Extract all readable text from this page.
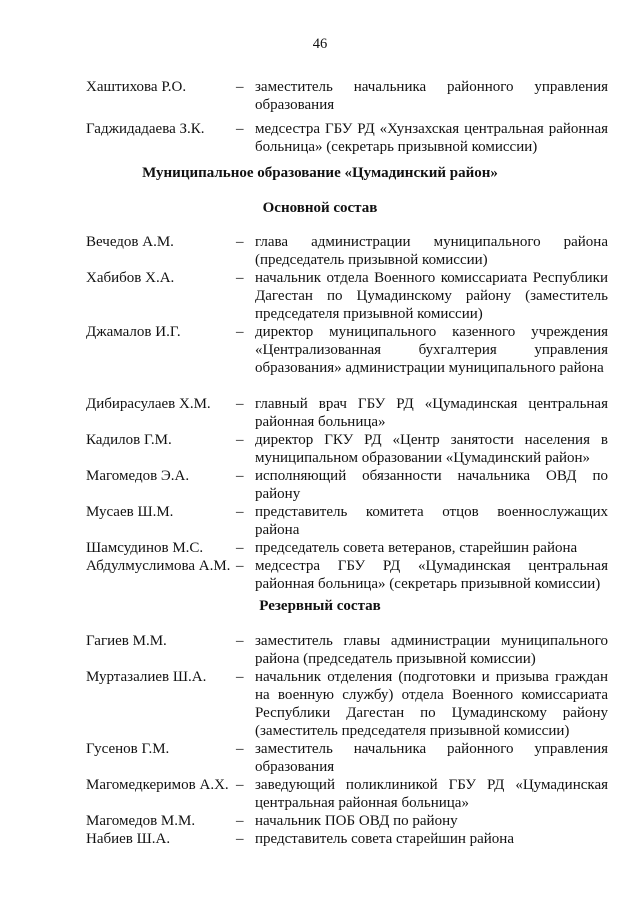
46
Хаштихова Р.О.	– заместитель начальника районного управления образования
Гаджидадаева З.К. – медсестра ГБУ РД «Хунзахская центральная районная больница» (секретарь призывной комиссии)
Муниципальное образование «Цумадинский район»
Основной состав
Вечедов А.М.	– глава администрации муниципального района (председатель призывной комиссии)
Хабибов Х.А.	– начальник отдела Военного комиссариата Республики Дагестан по Цумадинскому району (заместитель председателя призывной комиссии)
Джамалов И.Г.	– директор муниципального казенного учреждения «Централизованная бухгалтерия управления образования» администрации муниципального района
Дибирасулаев Х.М. – главный врач ГБУ РД «Цумадинская центральная районная больница»
Кадилов Г.М.	– директор ГКУ РД «Центр занятости населения в муниципальном образовании «Цумадинский район»
Магомедов Э.А.	– исполняющий обязанности начальника ОВД по району
Мусаев Ш.М.	– представитель комитета отцов военнослужащих района
Шамсудинов М.С. – председатель совета ветеранов, старейшин района
Абдулмуслимова А.М. – медсестра ГБУ РД «Цумадинская центральная районная больница» (секретарь призывной комиссии)
Резервный состав
Гагиев М.М.	– заместитель главы администрации муниципального района (председатель призывной комиссии)
Муртазалиев Ш.А. – начальник отделения (подготовки и призыва граждан на военную службу) отдела Военного комиссариата Республики Дагестан по Цумадинскому району (заместитель председателя призывной комиссии)
Гусенов Г.М.	– заместитель начальника районного управления образования
Магомедкеримов А.Х. – заведующий поликлиникой ГБУ РД «Цумадинская центральная районная больница»
Магомедов М.М.	– начальник ПОБ ОВД по району
Набиев Ш.А.	– представитель совета старейшин района
